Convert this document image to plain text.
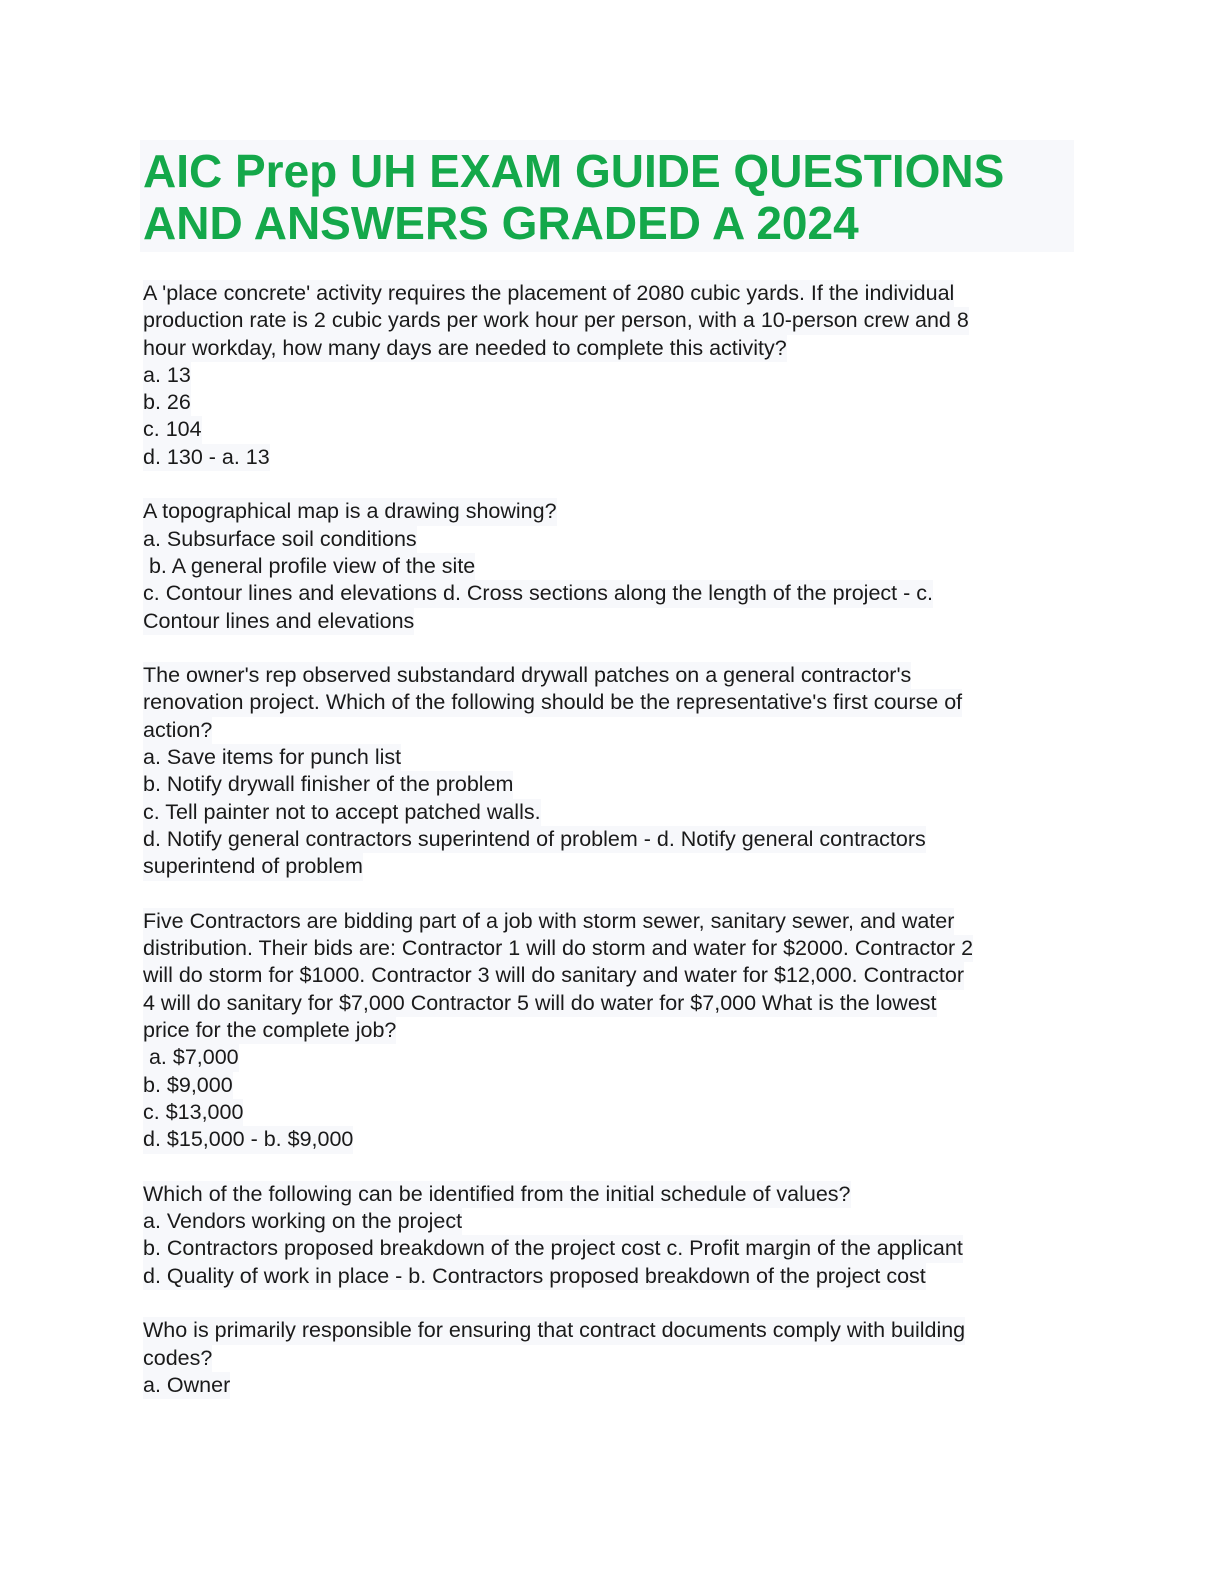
AIC Prep UH EXAM GUIDE QUESTIONS
AND ANSWERS GRADED A 2024
A 'place concrete' activity requires the placement of 2080 cubic yards. If the individual
production rate is 2 cubic yards per work hour per person, with a 10-person crew and 8
hour workday, how many days are needed to complete this activity?
a. 13
b. 26
c. 104
d. 130 - a. 13
A topographical map is a drawing showing?
a. Subsurface soil conditions
b. A general profile view of the site
c. Contour lines and elevations d. Cross sections along the length of the project - c.
Contour lines and elevations
The owner's rep observed substandard drywall patches on a general contractor's
renovation project. Which of the following should be the representative's first course of
action?
a. Save items for punch list
b. Notify drywall finisher of the problem
c. Tell painter not to accept patched walls.
d. Notify general contractors superintend of problem - d. Notify general contractors
superintend of problem
Five Contractors are bidding part of a job with storm sewer, sanitary sewer, and water
distribution. Their bids are: Contractor 1 will do storm and water for $2000. Contractor 2
will do storm for $1000. Contractor 3 will do sanitary and water for $12,000. Contractor
4 will do sanitary for $7,000 Contractor 5 will do water for $7,000 What is the lowest
price for the complete job?
a. $7,000
b. $9,000
c. $13,000
d. $15,000 - b. $9,000
Which of the following can be identified from the initial schedule of values?
a. Vendors working on the project
b. Contractors proposed breakdown of the project cost c. Profit margin of the applicant
d. Quality of work in place - b. Contractors proposed breakdown of the project cost
Who is primarily responsible for ensuring that contract documents comply with building
codes?
a. Owner
